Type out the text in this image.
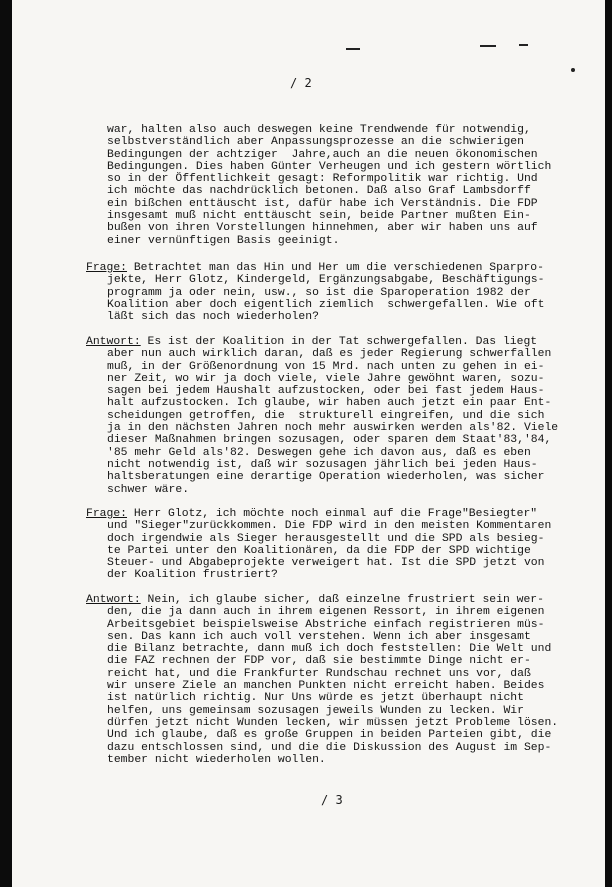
/ 2
war, halten also auch deswegen keine Trendwende für notwendig,
selbstverständlich aber Anpassungsprozesse an die schwierigen
Bedingungen der achtziger  Jahre,auch an die neuen ökonomischen
Bedingungen. Dies haben Günter Verheugen und ich gestern wörtlich
so in der Öffentlichkeit gesagt: Reformpolitik war richtig. Und
ich möchte das nachdrücklich betonen. Daß also Graf Lambsdorff
ein bißchen enttäuscht ist, dafür habe ich Verständnis. Die FDP
insgesamt muß nicht enttäuscht sein, beide Partner mußten Ein-
bußen von ihren Vorstellungen hinnehmen, aber wir haben uns auf
einer vernünftigen Basis geeinigt.
Frage: Betrachtet man das Hin und Her um die verschiedenen Sparpro-
jekte, Herr Glotz, Kindergeld, Ergänzungsabgabe, Beschäftigungs-
programm ja oder nein, usw., so ist die Sparoperation 1982 der
Koalition aber doch eigentlich ziemlich  schwergefallen. Wie oft
läßt sich das noch wiederholen?
Antwort: Es ist der Koalition in der Tat schwergefallen. Das liegt
aber nun auch wirklich daran, daß es jeder Regierung schwerfallen
muß, in der Größenordnung von 15 Mrd. nach unten zu gehen in ei-
ner Zeit, wo wir ja doch viele, viele Jahre gewöhnt waren, sozu-
sagen bei jedem Haushalt aufzustocken, oder bei fast jedem Haus-
halt aufzustocken. Ich glaube, wir haben auch jetzt ein paar Ent-
scheidungen getroffen, die  strukturell eingreifen, und die sich
ja in den nächsten Jahren noch mehr auswirken werden als'82. Viele
dieser Maßnahmen bringen sozusagen, oder sparen dem Staat'83,'84,
'85 mehr Geld als'82. Deswegen gehe ich davon aus, daß es eben
nicht notwendig ist, daß wir sozusagen jährlich bei jeden Haus-
haltsberatungen eine derartige Operation wiederholen, was sicher
schwer wäre.
Frage: Herr Glotz, ich möchte noch einmal auf die Frage"Besiegter"
und "Sieger"zurückkommen. Die FDP wird in den meisten Kommentaren
doch irgendwie als Sieger herausgestellt und die SPD als besieg-
te Partei unter den Koalitionären, da die FDP der SPD wichtige
Steuer- und Abgabeprojekte verweigert hat. Ist die SPD jetzt von
der Koalition frustriert?
Antwort: Nein, ich glaube sicher, daß einzelne frustriert sein wer-
den, die ja dann auch in ihrem eigenen Ressort, in ihrem eigenen
Arbeitsgebiet beispielsweise Abstriche einfach registrieren müs-
sen. Das kann ich auch voll verstehen. Wenn ich aber insgesamt
die Bilanz betrachte, dann muß ich doch feststellen: Die Welt und
die FAZ rechnen der FDP vor, daß sie bestimmte Dinge nicht er-
reicht hat, und die Frankfurter Rundschau rechnet uns vor, daß
wir unsere Ziele an manchen Punkten nicht erreicht haben. Beides
ist natürlich richtig. Nur Uns würde es jetzt überhaupt nicht
helfen, uns gemeinsam sozusagen jeweils Wunden zu lecken. Wir
dürfen jetzt nicht Wunden lecken, wir müssen jetzt Probleme lösen.
Und ich glaube, daß es große Gruppen in beiden Parteien gibt, die
dazu entschlossen sind, und die die Diskussion des August im Sep-
tember nicht wiederholen wollen.
/ 3
